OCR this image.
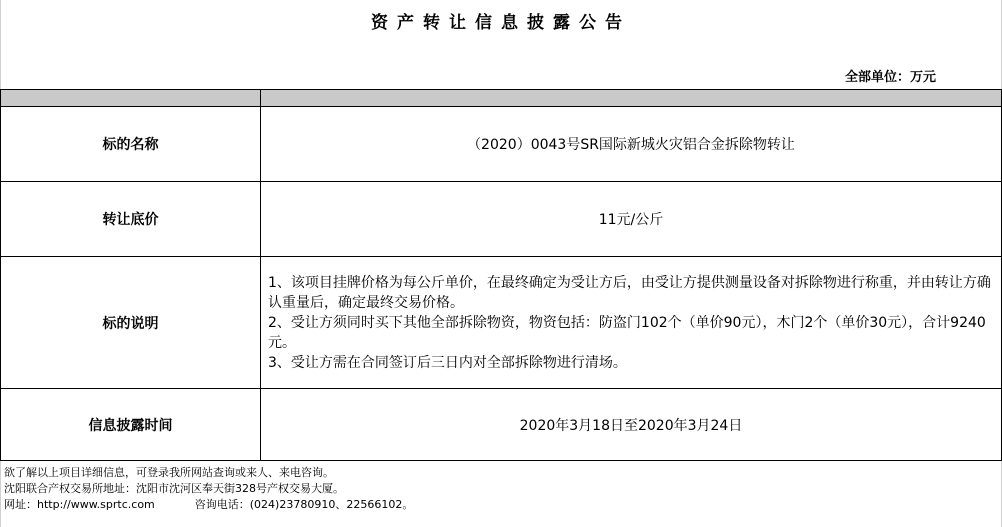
资产转让信息披露公告
全部单位：万元

标的名称	（2020）0043号SR国际新城火灾铝合金拆除物转让
转让底价	11元/公斤
标的说明	1、该项目挂牌价格为每公斤单价，在最终确定为受让方后，由受让方提供测量设备对拆除物进行称重，并由转让方确认重量后，确定最终交易价格。
2、受让方须同时买下其他全部拆除物资，物资包括：防盗门102个（单价90元），木门2个（单价30元），合计9240元。
3、受让方需在合同签订后三日内对全部拆除物进行清场。

信息披露时间	2020年3月18日至2020年3月24日
欲了解以上项目详细信息，可登录我所网站查询或来人、来电咨询。
沈阳联合产权交易所地址：沈阳市沈河区奉天街328号产权交易大厦。
网址：http://www.sprtc.com	咨询电话：(024)23780910、22566102。
